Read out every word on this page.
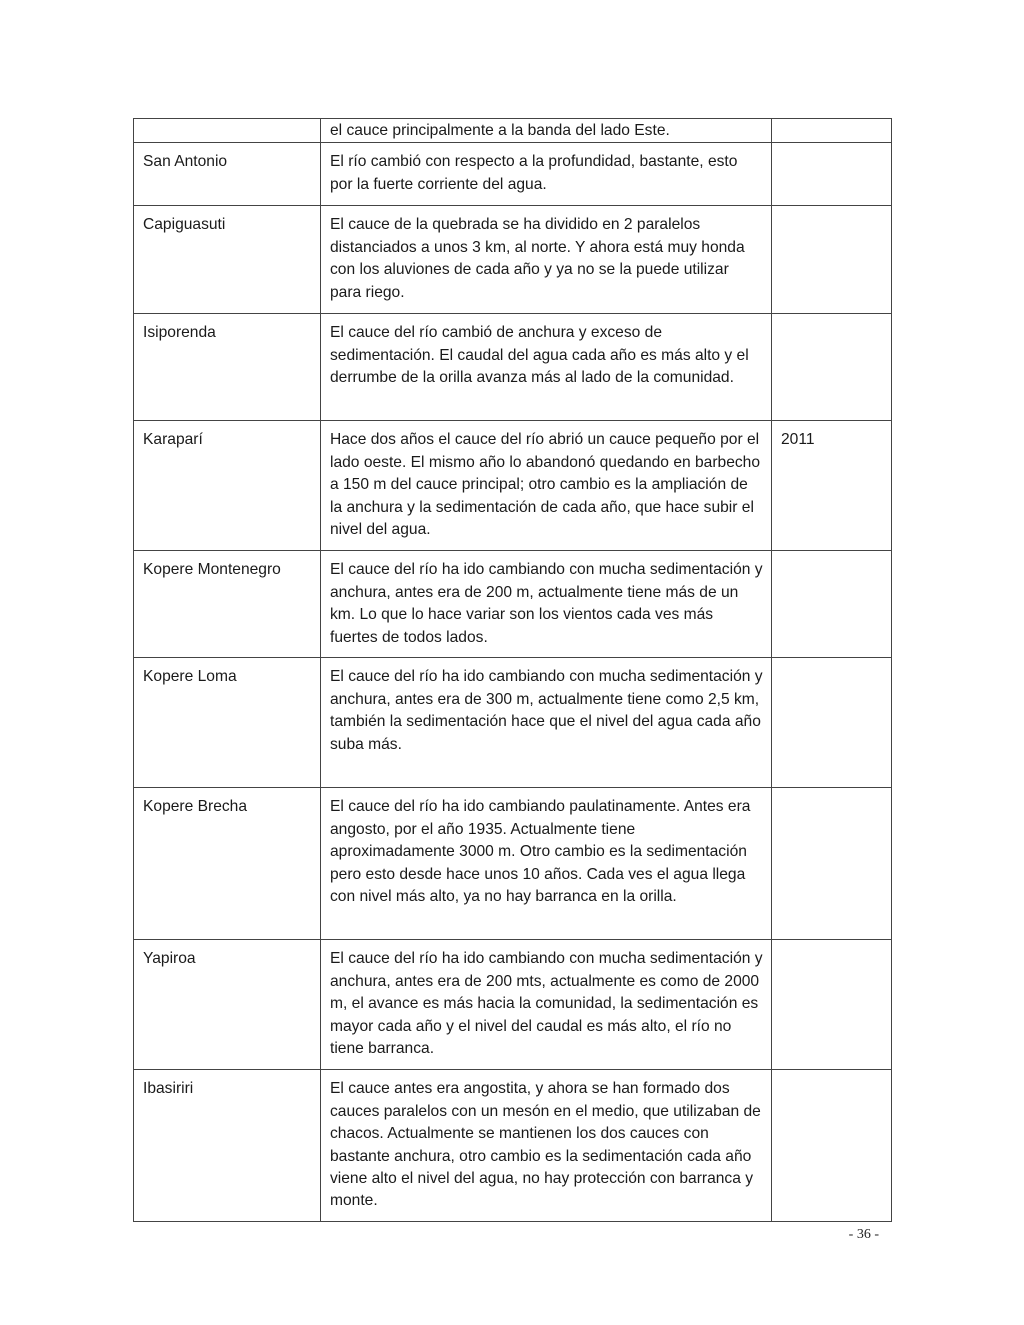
	el cauce principalmente a la banda del lado Este.	
San Antonio	El río cambió con respecto a la profundidad, bastante, esto por la fuerte corriente del agua.	
Capiguasuti	El cauce de la quebrada se ha dividido en 2 paralelos distanciados a unos 3 km, al norte. Y ahora está muy honda con los aluviones de cada año y ya no se la puede utilizar para riego.	
Isiporenda	El cauce del río cambió de anchura y exceso de sedimentación. El caudal del agua cada año es más alto y el derrumbe de la orilla avanza más al lado de la comunidad.	
Karaparí	Hace dos años el cauce del río abrió un cauce pequeño por el lado oeste. El mismo año lo abandonó quedando en barbecho a 150 m del cauce principal; otro cambio es la ampliación de la anchura y la sedimentación de cada año, que hace subir el nivel del agua.	2011
Kopere Montenegro	El cauce del río ha ido cambiando con mucha sedimentación y anchura, antes era de 200 m, actualmente tiene más de un km. Lo que lo hace variar son los vientos cada ves más fuertes de todos lados.	
Kopere Loma	El cauce del río ha ido cambiando con mucha sedimentación y anchura, antes era de 300 m, actualmente tiene como 2,5 km, también la sedimentación hace que el nivel del agua cada año suba más.	
Kopere Brecha	El cauce del río ha ido cambiando paulatinamente. Antes era angosto, por el año 1935. Actualmente tiene aproximadamente 3000 m. Otro cambio es la sedimentación pero esto desde hace unos 10 años. Cada ves el agua llega con nivel más alto, ya no hay barranca en la orilla.	
Yapiroa	El cauce del río ha ido cambiando con mucha sedimentación y anchura, antes era de 200 mts, actualmente es como de 2000 m, el avance es más hacia la comunidad, la sedimentación es mayor cada año y el nivel del caudal es más alto, el río no tiene barranca.	
Ibasiriri	El cauce antes era angostita, y ahora se han formado dos cauces paralelos con un mesón en el medio, que utilizaban de chacos. Actualmente se mantienen los dos cauces con bastante anchura, otro cambio es la sedimentación cada año viene alto el nivel del agua, no hay protección con barranca y monte.	
- 36 -
